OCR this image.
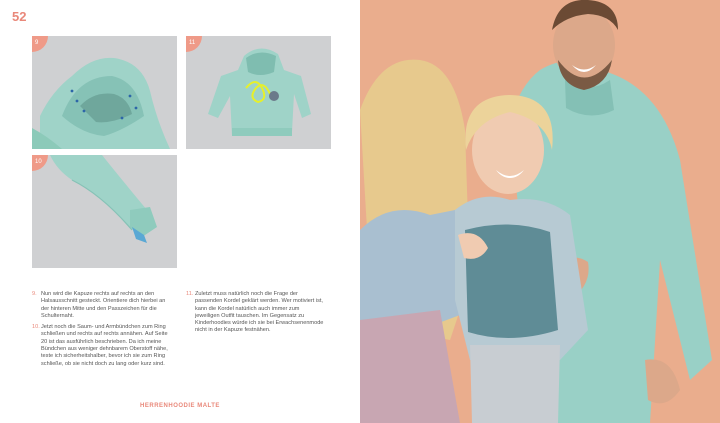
52
9	11
10
9. Nun wird die Kapuze rechts auf rechts an den Halsausschnitt gesteckt. Orientiere dich hierbei an der hinteren Mitte und den Passzeichen für die Schulternaht.
10. Jetzt noch die Saum- und Armbündchen zum Ring schließen und rechts auf rechts annähen. Auf Seite 20 ist das ausführlich beschrieben. Da ich meine Bündchen aus weniger dehnbarem Oberstoff nähe, teste ich sicherheitshalber, bevor ich sie zum Ring schließe, ob sie nicht doch zu lang oder kurz sind.
11. Zuletzt muss natürlich noch die Frage der passenden Kordel geklärt werden. Wer motiviert ist, kann die Kordel natürlich auch immer zum jeweiligen Outfit tauschen. Im Gegensatz zu Kinderhoodies würde ich sie bei Erwachsenenmode nicht in der Kapuze festnähen.
HERRENHOODIE MALTE
